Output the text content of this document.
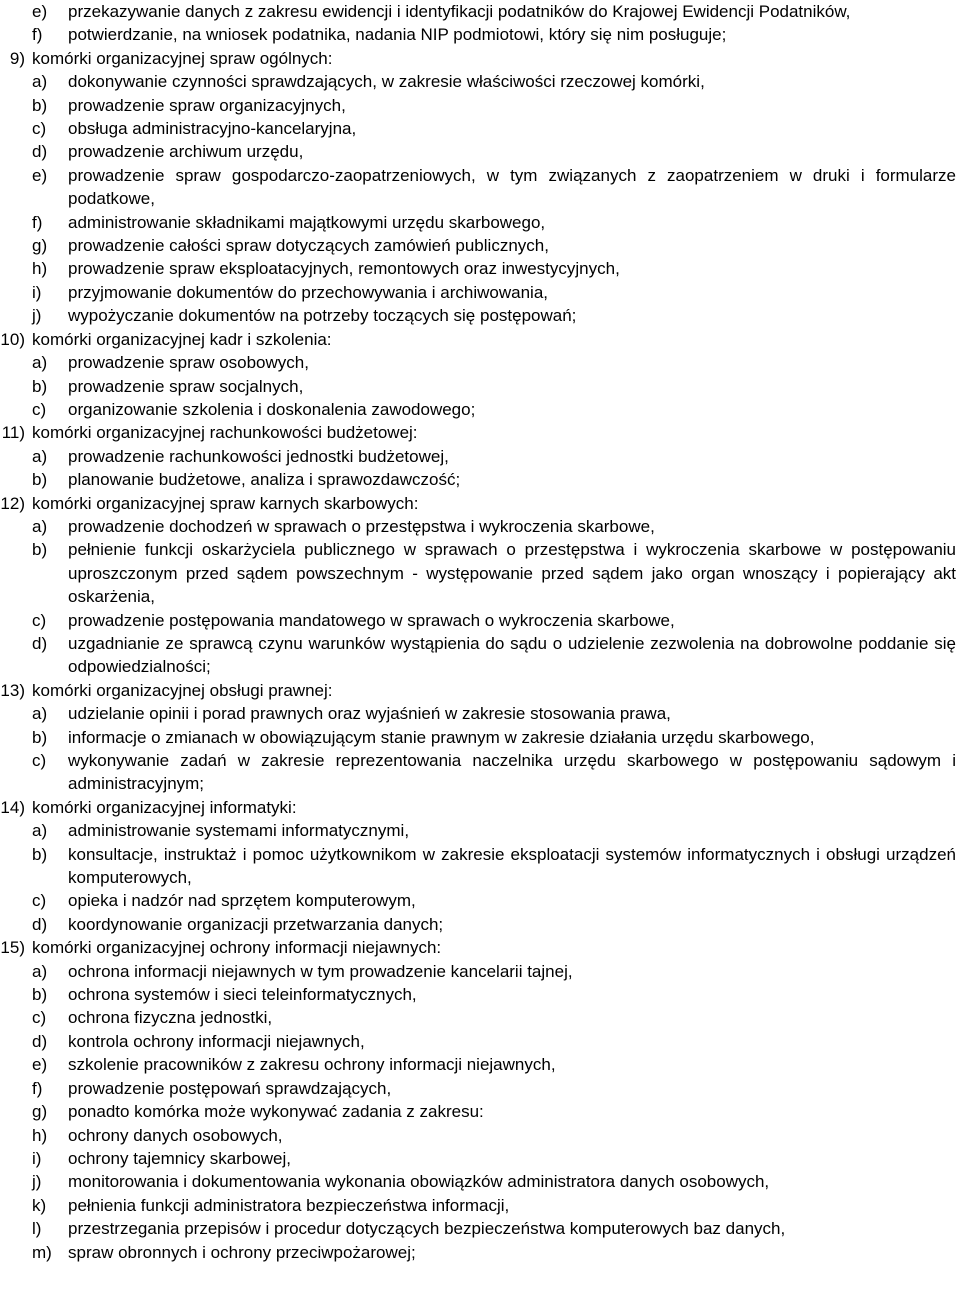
e)	przekazywanie danych z zakresu ewidencji i identyfikacji podatników do Krajowej Ewidencji Podatników,
f)	potwierdzanie, na wniosek podatnika, nadania NIP podmiotowi, który się nim posługuje;
9) komórki organizacyjnej spraw ogólnych:
a)	dokonywanie czynności sprawdzających, w zakresie właściwości rzeczowej komórki,
b)	prowadzenie spraw organizacyjnych,
c)	obsługa administracyjno-kancelaryjna,
d)	prowadzenie archiwum urzędu,
e)	prowadzenie spraw gospodarczo-zaopatrzeniowych, w tym związanych z zaopatrzeniem w druki i formularze podatkowe,
f)	administrowanie składnikami majątkowymi urzędu skarbowego,
g)	prowadzenie całości spraw dotyczących zamówień publicznych,
h)	prowadzenie spraw eksploatacyjnych, remontowych oraz inwestycyjnych,
i)	przyjmowanie dokumentów do przechowywania i archiwowania,
j)	wypożyczanie dokumentów na potrzeby toczących się postępowań;
10) komórki organizacyjnej kadr i szkolenia:
a)	prowadzenie spraw osobowych,
b)	prowadzenie spraw socjalnych,
c)	organizowanie szkolenia i doskonalenia zawodowego;
11) komórki organizacyjnej rachunkowości budżetowej:
a)	prowadzenie rachunkowości jednostki budżetowej,
b)	planowanie budżetowe, analiza i sprawozdawczość;
12) komórki organizacyjnej spraw karnych skarbowych:
a)	prowadzenie dochodzeń w sprawach o przestępstwa i wykroczenia skarbowe,
b)	pełnienie funkcji oskarżyciela publicznego w sprawach o przestępstwa i wykroczenia skarbowe w postępowaniu uproszczonym przed sądem powszechnym - występowanie przed sądem jako organ wnoszący i popierający akt oskarżenia,
c)	prowadzenie postępowania mandatowego w sprawach o wykroczenia skarbowe,
d)	uzgadnianie ze sprawcą czynu warunków wystąpienia do sądu o udzielenie zezwolenia na dobrowolne poddanie się odpowiedzialności;
13) komórki organizacyjnej obsługi prawnej:
a)	udzielanie opinii i porad prawnych oraz wyjaśnień w zakresie stosowania prawa,
b)	informacje o zmianach w obowiązującym stanie prawnym w zakresie działania urzędu skarbowego,
c)	wykonywanie zadań w zakresie reprezentowania naczelnika urzędu skarbowego w postępowaniu sądowym i administracyjnym;
14) komórki organizacyjnej informatyki:
a)	administrowanie systemami informatycznymi,
b)	konsultacje, instruktaż i pomoc użytkownikom w zakresie eksploatacji systemów informatycznych i obsługi urządzeń komputerowych,
c)	opieka i nadzór nad sprzętem komputerowym,
d)	koordynowanie organizacji przetwarzania danych;
15) komórki organizacyjnej ochrony informacji niejawnych:
a)	ochrona informacji niejawnych w tym prowadzenie kancelarii tajnej,
b)	ochrona systemów i sieci teleinformatycznych,
c)	ochrona fizyczna jednostki,
d)	kontrola ochrony informacji niejawnych,
e)	szkolenie pracowników z zakresu ochrony informacji niejawnych,
f)	prowadzenie postępowań sprawdzających,
g)	ponadto komórka może wykonywać zadania z zakresu:
h)	ochrony danych osobowych,
i)	ochrony tajemnicy skarbowej,
j)	monitorowania i dokumentowania wykonania obowiązków administratora danych osobowych,
k)	pełnienia funkcji administratora bezpieczeństwa informacji,
l)	przestrzegania przepisów i procedur dotyczących bezpieczeństwa komputerowych baz danych,
m) spraw obronnych i ochrony przeciwpożarowej;
